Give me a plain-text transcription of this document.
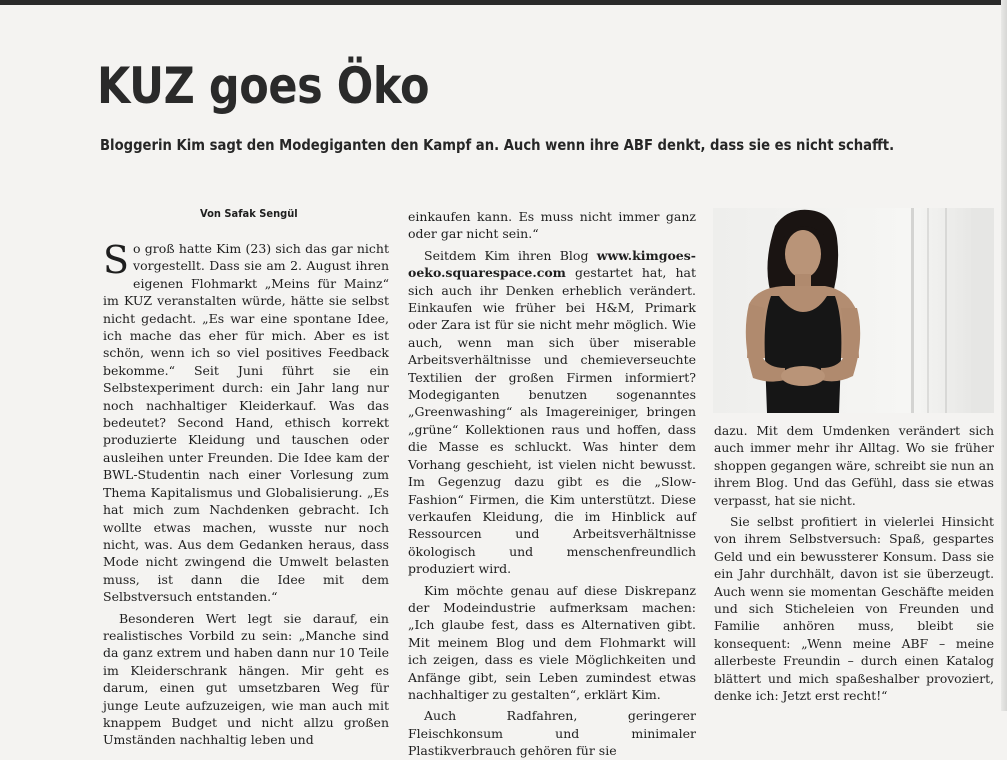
KUZ goes Öko

Bloggerin Kim sagt den Modegiganten den Kampf an. Auch wenn ihre ABF denkt, dass sie es nicht schafft.

Von Safak Sengül

So groß hatte Kim (23) sich das gar nicht vorgestellt. Dass sie am 2. August ihren eigenen Flohmarkt „Meins für Mainz“ im KUZ veranstalten würde, hätte sie selbst nicht gedacht. „Es war eine spontane Idee, ich mache das eher für mich. Aber es ist schön, wenn ich so viel positives Feedback bekomme.“ Seit Juni führt sie ein Selbstexperiment durch: ein Jahr lang nur noch nachhaltiger Kleiderkauf. Was das bedeutet? Second Hand, ethisch korrekt produzierte Kleidung und tauschen oder ausleihen unter Freunden. Die Idee kam der BWL-Studentin nach einer Vorlesung zum Thema Kapitalismus und Globalisierung. „Es hat mich zum Nachdenken gebracht. Ich wollte etwas machen, wusste nur noch nicht, was. Aus dem Gedanken heraus, dass Mode nicht zwingend die Umwelt belasten muss, ist dann die Idee mit dem Selbstversuch entstanden.“

Besonderen Wert legt sie darauf, ein realistisches Vorbild zu sein: „Manche sind da ganz extrem und haben dann nur 10 Teile im Kleiderschrank hängen. Mir geht es darum, einen gut umsetzbaren Weg für junge Leute aufzuzeigen, wie man auch mit knappem Budget und nicht allzu großen Umständen nachhaltig leben und

einkaufen kann. Es muss nicht immer ganz oder gar nicht sein.“

Seitdem Kim ihren Blog www.kimgoes-oeko.squarespace.com gestartet hat, hat sich auch ihr Denken erheblich verändert. Einkaufen wie früher bei H&M, Primark oder Zara ist für sie nicht mehr möglich. Wie auch, wenn man sich über miserable Arbeitsverhältnisse und chemieverseuchte Textilien der großen Firmen informiert? Modegiganten benutzen sogenanntes „Greenwashing“ als Imagereiniger, bringen „grüne“ Kollektionen raus und hoffen, dass die Masse es schluckt. Was hinter dem Vorhang geschieht, ist vielen nicht bewusst. Im Gegenzug dazu gibt es die „Slow-Fashion“ Firmen, die Kim unterstützt. Diese verkaufen Kleidung, die im Hinblick auf Ressourcen und Arbeitsverhältnisse ökologisch und menschenfreundlich produziert wird.

Kim möchte genau auf diese Diskrepanz der Modeindustrie aufmerksam machen: „Ich glaube fest, dass es Alternativen gibt. Mit meinem Blog und dem Flohmarkt will ich zeigen, dass es viele Möglichkeiten und Anfänge gibt, sein Leben zumindest etwas nachhaltiger zu gestalten“, erklärt Kim.

Auch Radfahren, geringerer Fleischkonsum und minimaler Plastikverbrauch gehören für sie

dazu. Mit dem Umdenken verändert sich auch immer mehr ihr Alltag. Wo sie früher shoppen gegangen wäre, schreibt sie nun an ihrem Blog. Und das Gefühl, dass sie etwas verpasst, hat sie nicht.

Sie selbst profitiert in vielerlei Hinsicht von ihrem Selbstversuch: Spaß, gespartes Geld und ein bewussterer Konsum. Dass sie ein Jahr durchhält, davon ist sie überzeugt. Auch wenn sie momentan Geschäfte meiden und sich Sticheleien von Freunden und Familie anhören muss, bleibt sie konsequent: „Wenn meine ABF – meine allerbeste Freundin – durch einen Katalog blättert und mich spaßeshalber provoziert, denke ich: Jetzt erst recht!“
